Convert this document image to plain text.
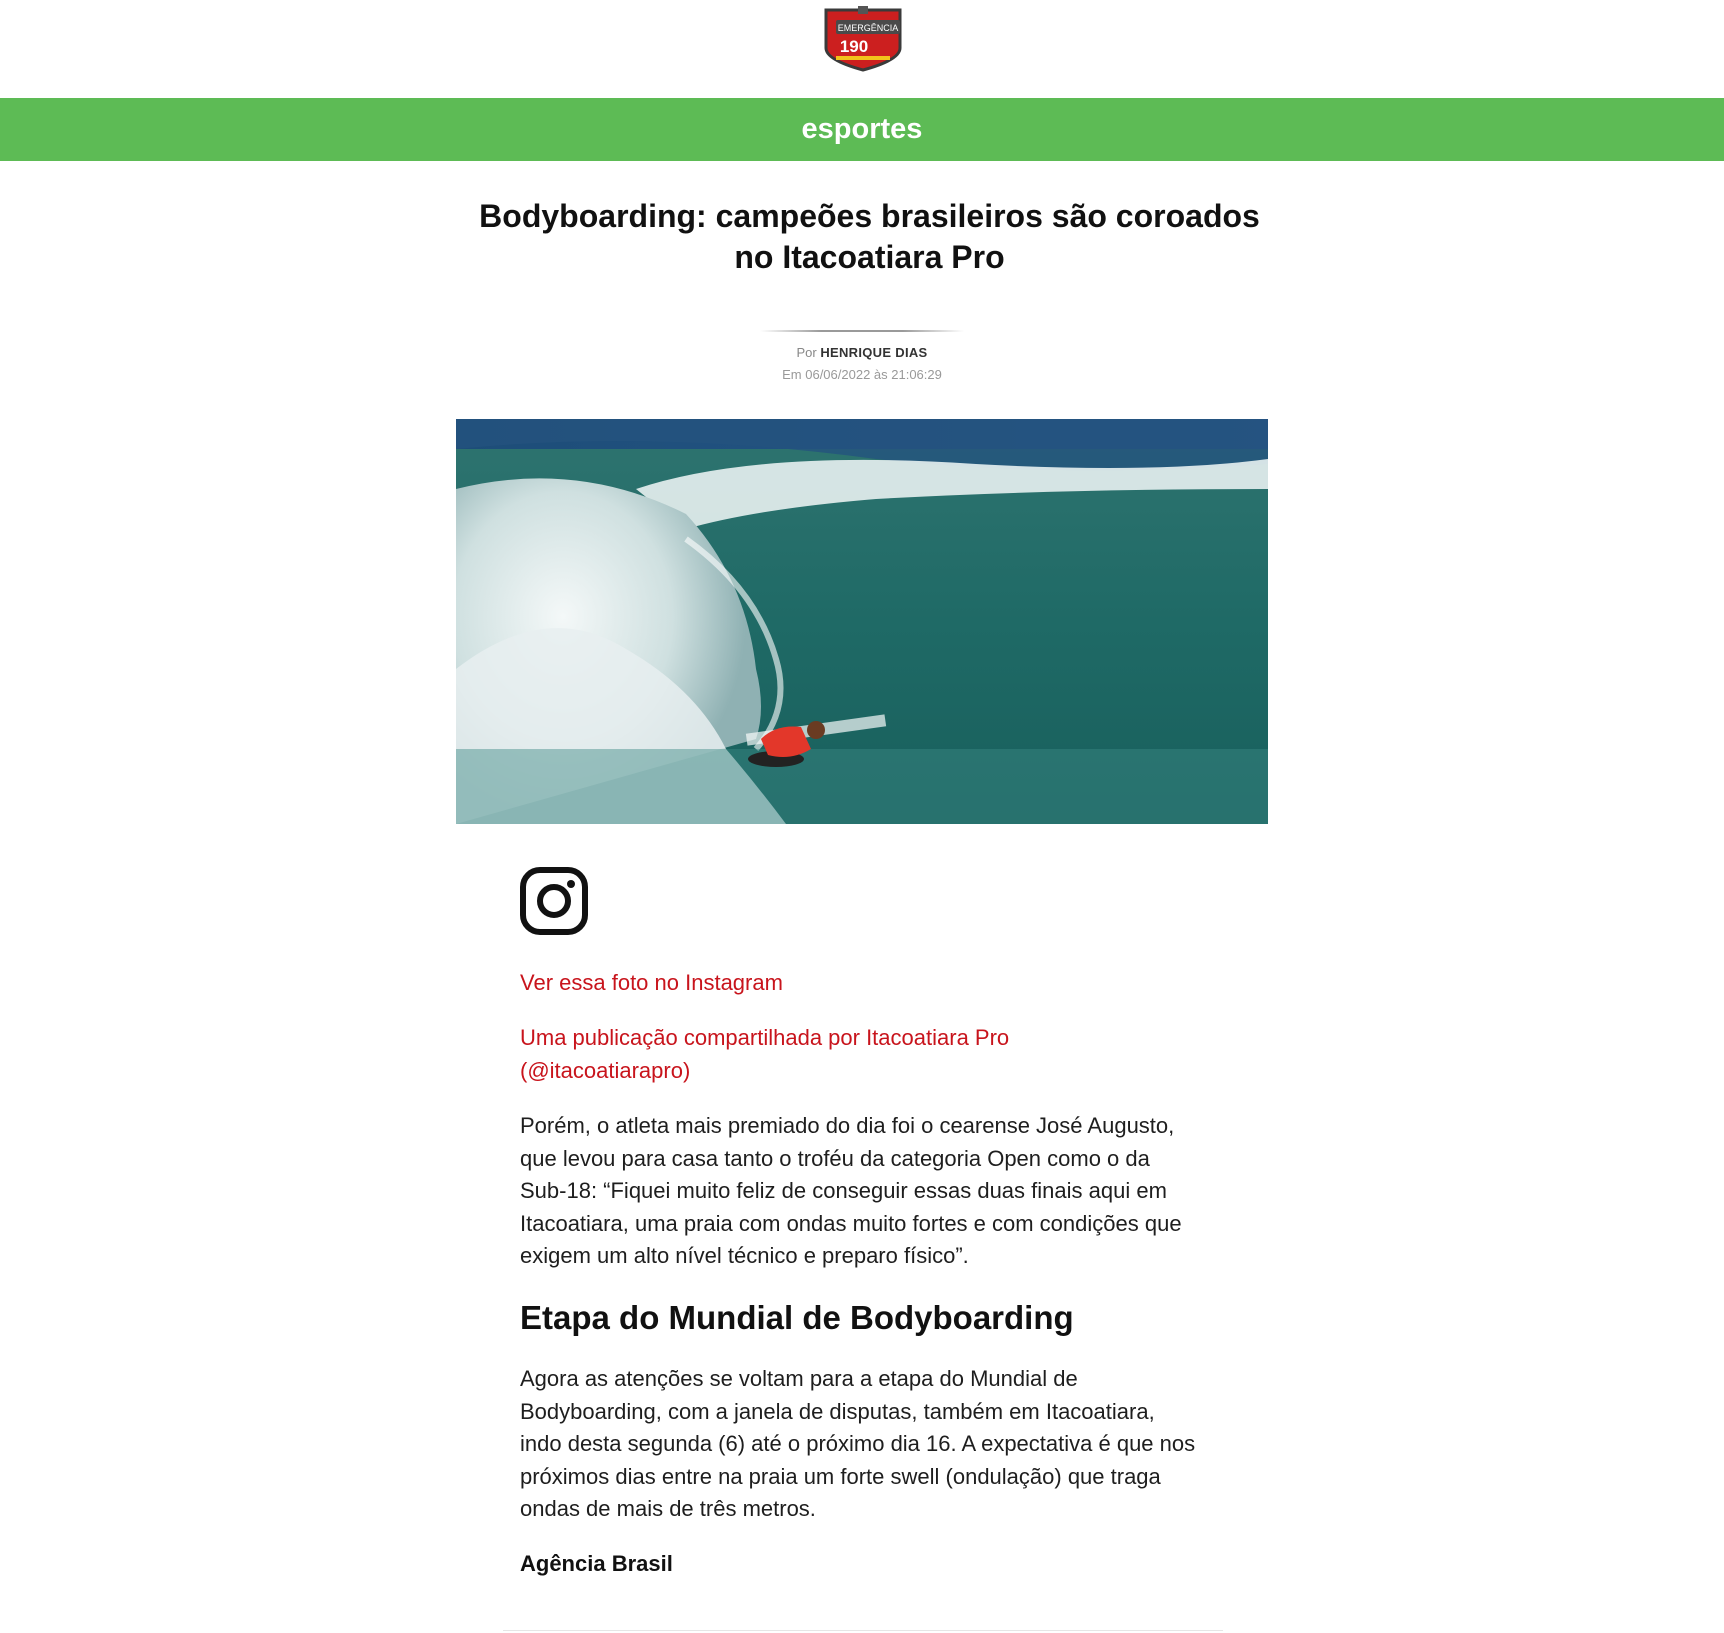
EMERGÊNCIA
190
esportes
Bodyboarding: campeões brasileiros são coroados no Itacoatiara Pro
Por HENRIQUE DIAS
Em 06/06/2022 às 21:06:29

Ver essa foto no Instagram

Uma publicação compartilhada por Itacoatiara Pro (@itacoatiarapro)

Porém, o atleta mais premiado do dia foi o cearense José Augusto, que levou para casa tanto o troféu da categoria Open como o da Sub-18: “Fiquei muito feliz de conseguir essas duas finais aqui em Itacoatiara, uma praia com ondas muito fortes e com condições que exigem um alto nível técnico e preparo físico”.

Etapa do Mundial de Bodyboarding

Agora as atenções se voltam para a etapa do Mundial de Bodyboarding, com a janela de disputas, também em Itacoatiara, indo desta segunda (6) até o próximo dia 16. A expectativa é que nos próximos dias entre na praia um forte swell (ondulação) que traga ondas de mais de três metros.

Agência Brasil
